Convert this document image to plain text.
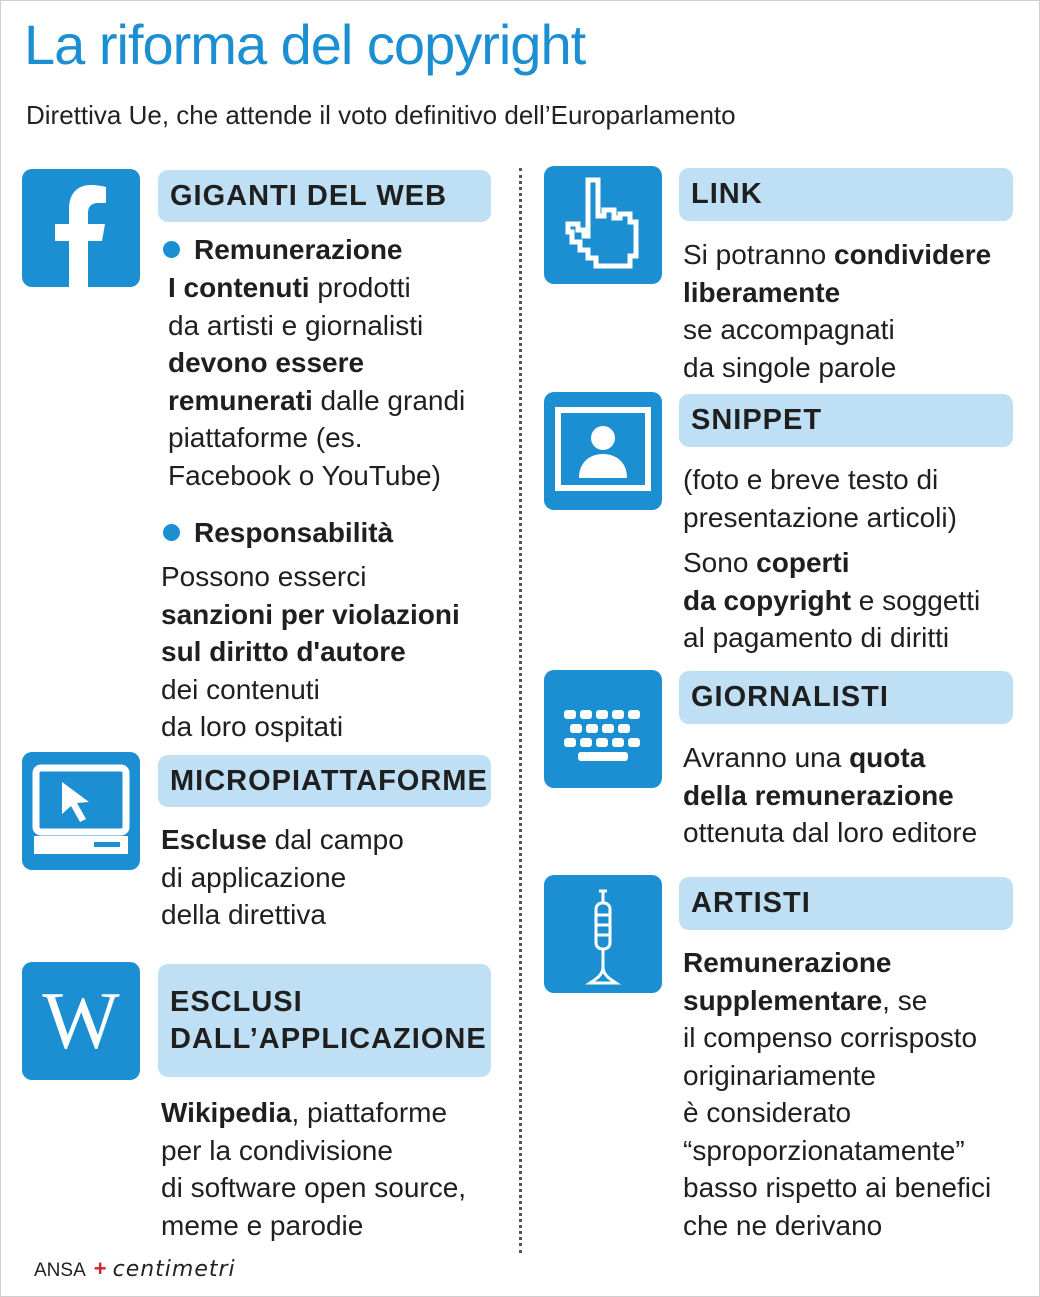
La riforma del copyright

Direttiva Ue, che attende il voto definitivo dell’Europarlamento

GIGANTI DEL WEB
Remunerazione
I contenuti prodotti
da artisti e giornalisti
devono essere
remunerati dalle grandi
piattaforme (es.
Facebook o YouTube)
Responsabilità
Possono esserci
sanzioni per violazioni
sul diritto d'autore
dei contenuti
da loro ospitati
MICROPIATTAFORME
Escluse dal campo
di applicazione
della direttiva
W ESCLUSI
DALL’APPLICAZIONE
Wikipedia, piattaforme
per la condivisione
di software open source,
meme e parodie
LINK
Si potranno condividere
liberamente
se accompagnati
da singole parole
SNIPPET
(foto e breve testo di
presentazione articoli)
Sono coperti
da copyright e soggetti
al pagamento di diritti
GIORNALISTI
Avranno una quota
della remunerazione
ottenuta dal loro editore
ARTISTI
Remunerazione
supplementare, se
il compenso corrisposto
originariamente
è considerato
“sproporzionatamente”
basso rispetto ai benefici
che ne derivano
ANSA + centimetri
